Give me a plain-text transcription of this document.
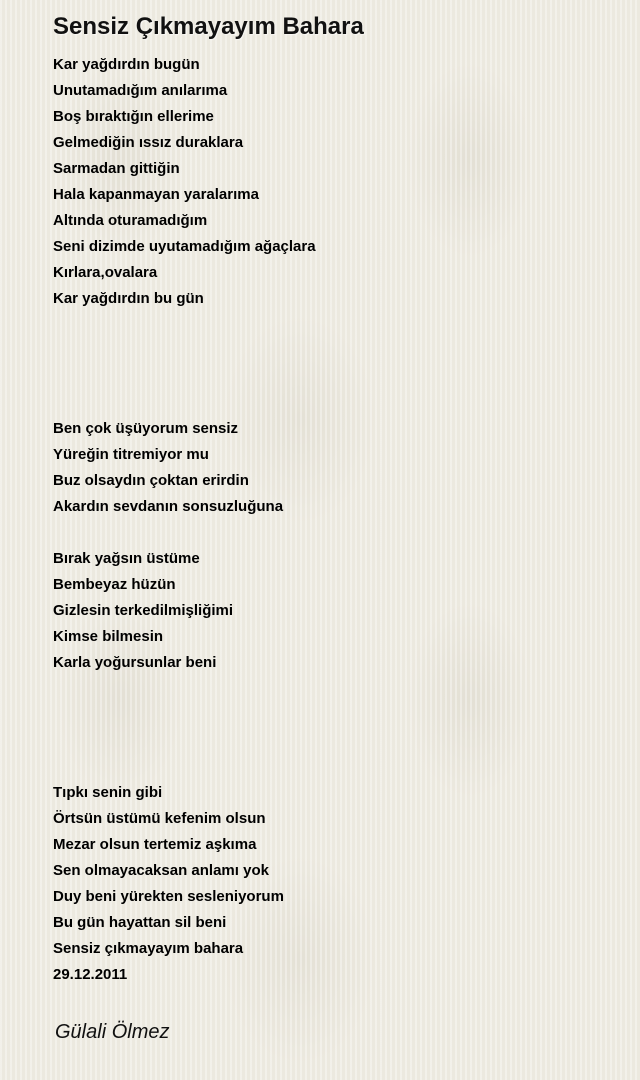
Sensiz Çıkmayayım Bahara
Kar yağdırdın bugün
Unutamadığım anılarıma
Boş bıraktığın ellerime
Gelmediğin ıssız duraklara
Sarmadan gittiğin
Hala kapanmayan yaralarıma
Altında oturamadığım
Seni dizimde uyutamadığım ağaçlara
Kırlara,ovalara
Kar yağdırdın bu gün
Ben çok üşüyorum sensiz
Yüreğin titremiyor mu
Buz olsaydın çoktan erirdin
Akardın sevdanın sonsuzluğuna
Bırak yağsın üstüme
Bembeyaz hüzün
Gizlesin terkedilmişliğimi
Kimse bilmesin
Karla yoğursunlar beni
Tıpkı senin gibi
Örtsün üstümü kefenim olsun
Mezar olsun tertemiz aşkıma
Sen olmayacaksan anlamı yok
Duy beni yürekten sesleniyorum
Bu gün hayattan sil beni
Sensiz çıkmayayım bahara
29.12.2011
Gülali Ölmez
